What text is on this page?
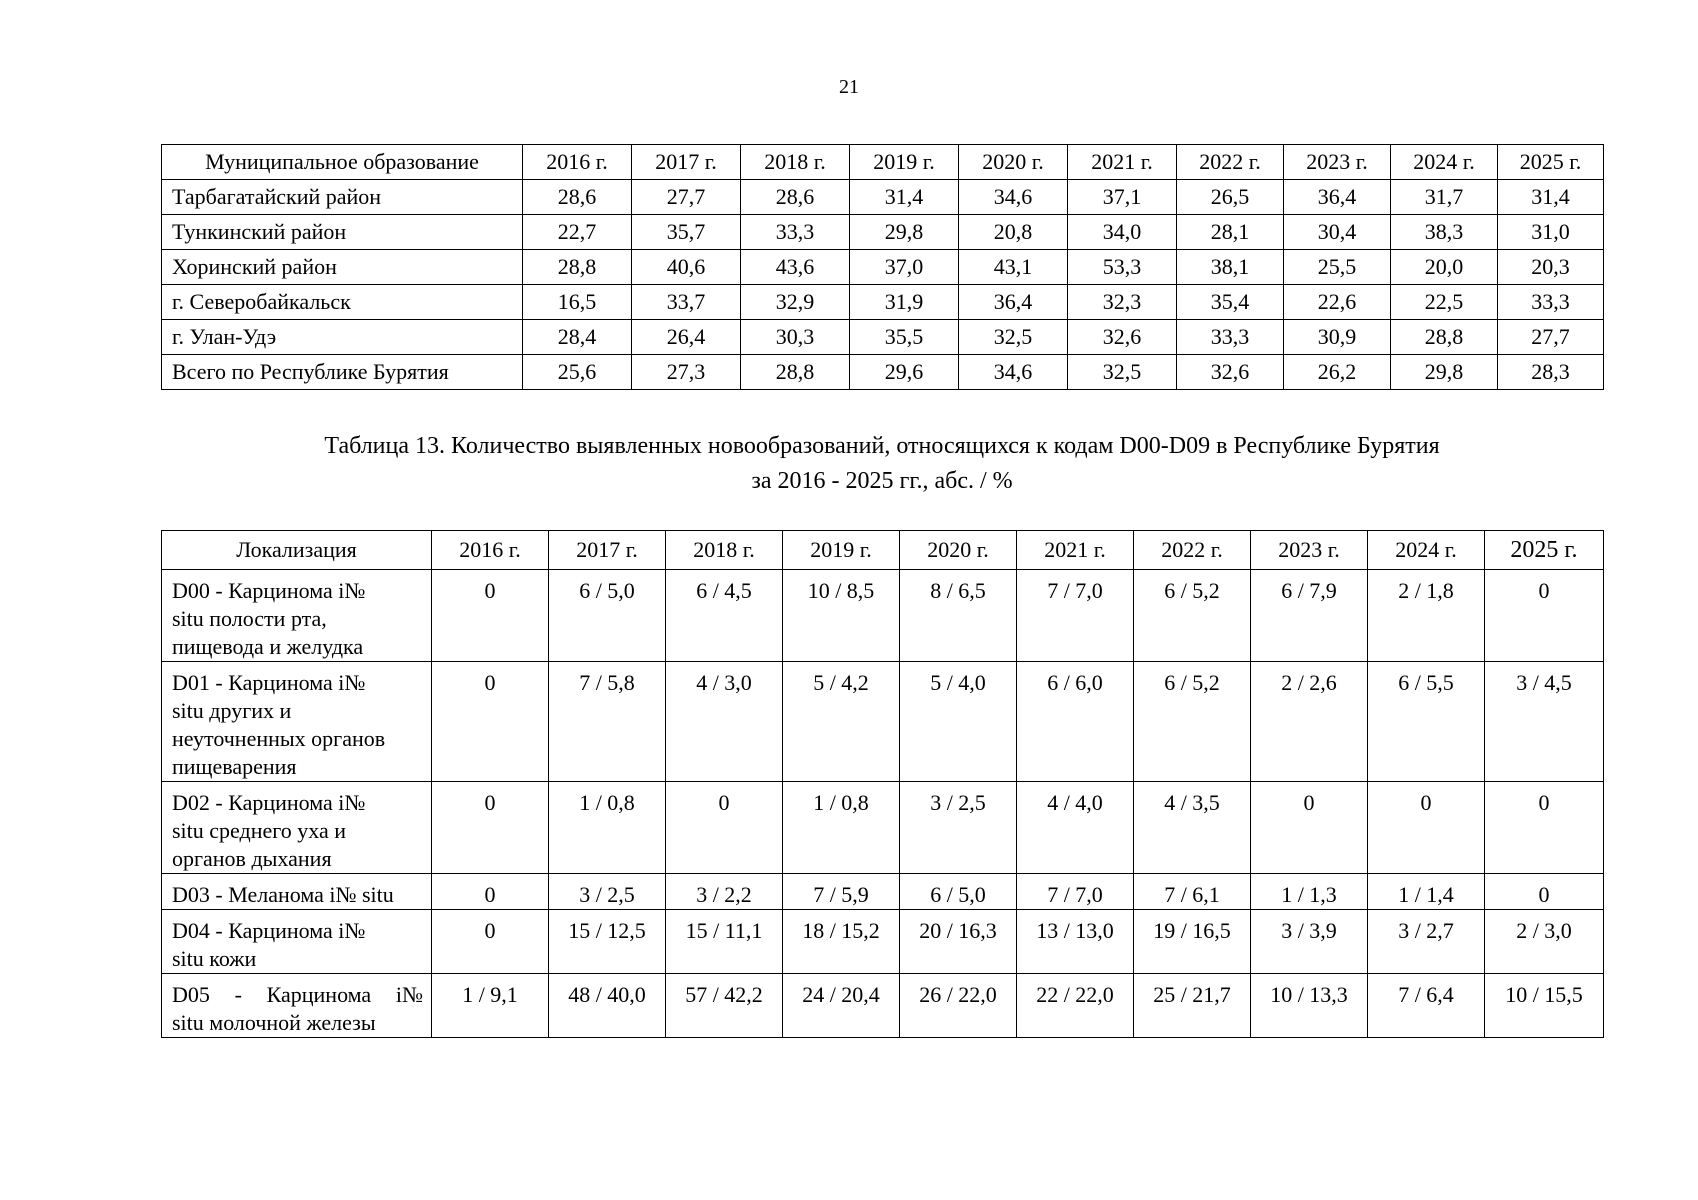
21
Муниципальное образование	2016 г.	2017 г.	2018 г.	2019 г.	2020 г.	2021 г.	2022 г.	2023 г.	2024 г.	2025 г.
Тарбагатайский район	28,6	27,7	28,6	31,4	34,6	37,1	26,5	36,4	31,7	31,4
Тункинский район	22,7	35,7	33,3	29,8	20,8	34,0	28,1	30,4	38,3	31,0
Хоринский район	28,8	40,6	43,6	37,0	43,1	53,3	38,1	25,5	20,0	20,3
г. Северобайкальск	16,5	33,7	32,9	31,9	36,4	32,3	35,4	22,6	22,5	33,3
г. Улан-Удэ	28,4	26,4	30,3	35,5	32,5	32,6	33,3	30,9	28,8	27,7
Всего по Республике Бурятия	25,6	27,3	28,8	29,6	34,6	32,5	32,6	26,2	29,8	28,3
Таблица 13. Количество выявленных новообразований, относящихся к кодам D00-D09 в Республике Бурятия
за 2016 - 2025 гг., абс. / %
Локализация	2016 г.	2017 г.	2018 г.	2019 г.	2020 г.	2021 г.	2022 г.	2023 г.	2024 г.	2025 г.

D00 - Карцинома і№
situ полости рта,
пищевода и желудка	0	6 / 5,0	6 / 4,5	10 / 8,5	8 / 6,5	7 / 7,0	6 / 5,2	6 / 7,9	2 / 1,8	0

D01 - Карцинома і№
situ других и
неуточненных органов
пищеварения	0	7 / 5,8	4 / 3,0	5 / 4,2	5 / 4,0	6 / 6,0	6 / 5,2	2 / 2,6	6 / 5,5	3 / 4,5

D02 - Карцинома і№
situ среднего уха и
органов дыхания	0	1 / 0,8	0	1 / 0,8	3 / 2,5	4 / 4,0	4 / 3,5	0	0	0

D03 - Меланома і№ situ	0	3 / 2,5	3 / 2,2	7 / 5,9	6 / 5,0	7 / 7,0	7 / 6,1	1 / 1,3	1 / 1,4	0

D04 - Карцинома і№
situ кожи	0	15 / 12,5	15 / 11,1	18 / 15,2	20 / 16,3	13 / 13,0	19 / 16,5	3 / 3,9	3 / 2,7	2 / 3,0

D05 - Карцинома і№
situ молочной железы	1 / 9,1	48 / 40,0	57 / 42,2	24 / 20,4	26 / 22,0	22 / 22,0	25 / 21,7	10 / 13,3	7 / 6,4	10 / 15,5
